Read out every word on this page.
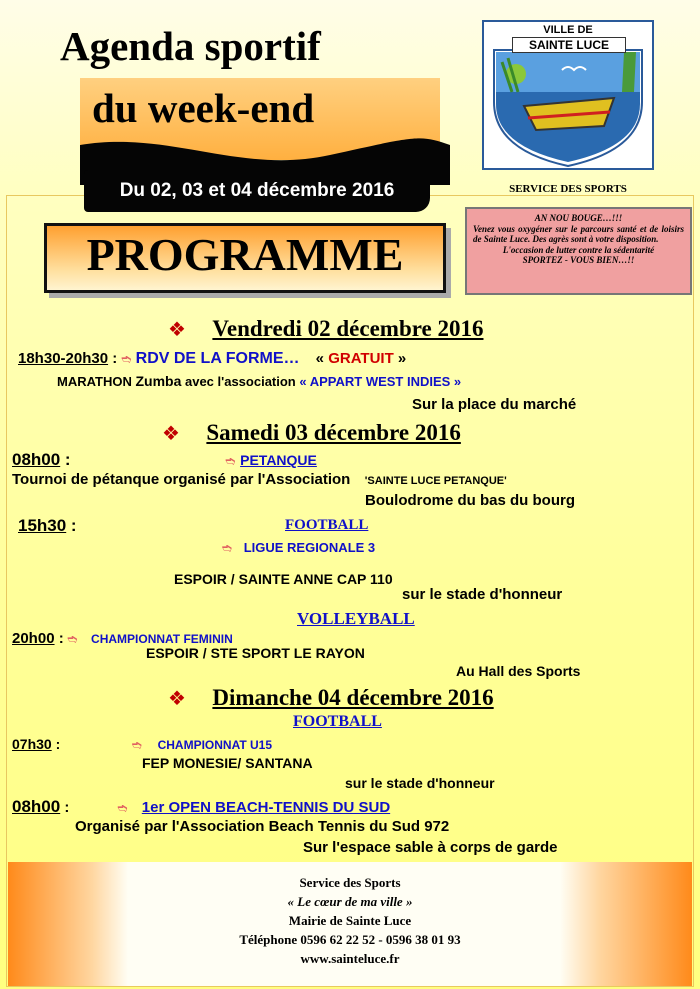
Agenda sportif
du week-end
Du 02, 03 et 04 décembre 2016
PROGRAMME
VILLE DE
SAINTE LUCE
SERVICE DES SPORTS
AN NOU BOUGE…!!!
Venez vous oxygéner sur le parcours santé et de loisirs de Sainte Luce. Des agrès sont à votre disposition.
L'occasion de lutter contre la sédentarité
SPORTEZ - VOUS BIEN…!!
❖ Vendredi 02 décembre 2016
18h30-20h30 : ➬ RDV DE LA FORME… « GRATUIT »
MARATHON Zumba avec l'association « APPART WEST INDIES »
Sur la place du marché
❖ Samedi 03 décembre 2016
08h00 :	➬ PETANQUE
Tournoi de pétanque organisé par l'Association 'SAINTE LUCE PETANQUE'
Boulodrome du bas du bourg
15h30 :	FOOTBALL
➬ LIGUE REGIONALE 3
ESPOIR / SAINTE ANNE CAP 110
sur le stade d'honneur
VOLLEYBALL
20h00 : ➬ CHAMPIONNAT FEMININ
ESPOIR / STE SPORT LE RAYON
Au Hall des Sports
❖ Dimanche 04 décembre 2016
FOOTBALL
07h30 :	➬ CHAMPIONNAT U15
FEP MONESIE/ SANTANA
sur le stade d'honneur
08h00 :	➬ 1er OPEN BEACH-TENNIS DU SUD
Organisé par l'Association Beach Tennis du Sud 972
Sur l'espace sable à corps de garde
Service des Sports
« Le cœur de ma ville »
Mairie de Sainte Luce
Téléphone 0596 62 22 52 - 0596 38 01 93
www.sainteluce.fr
